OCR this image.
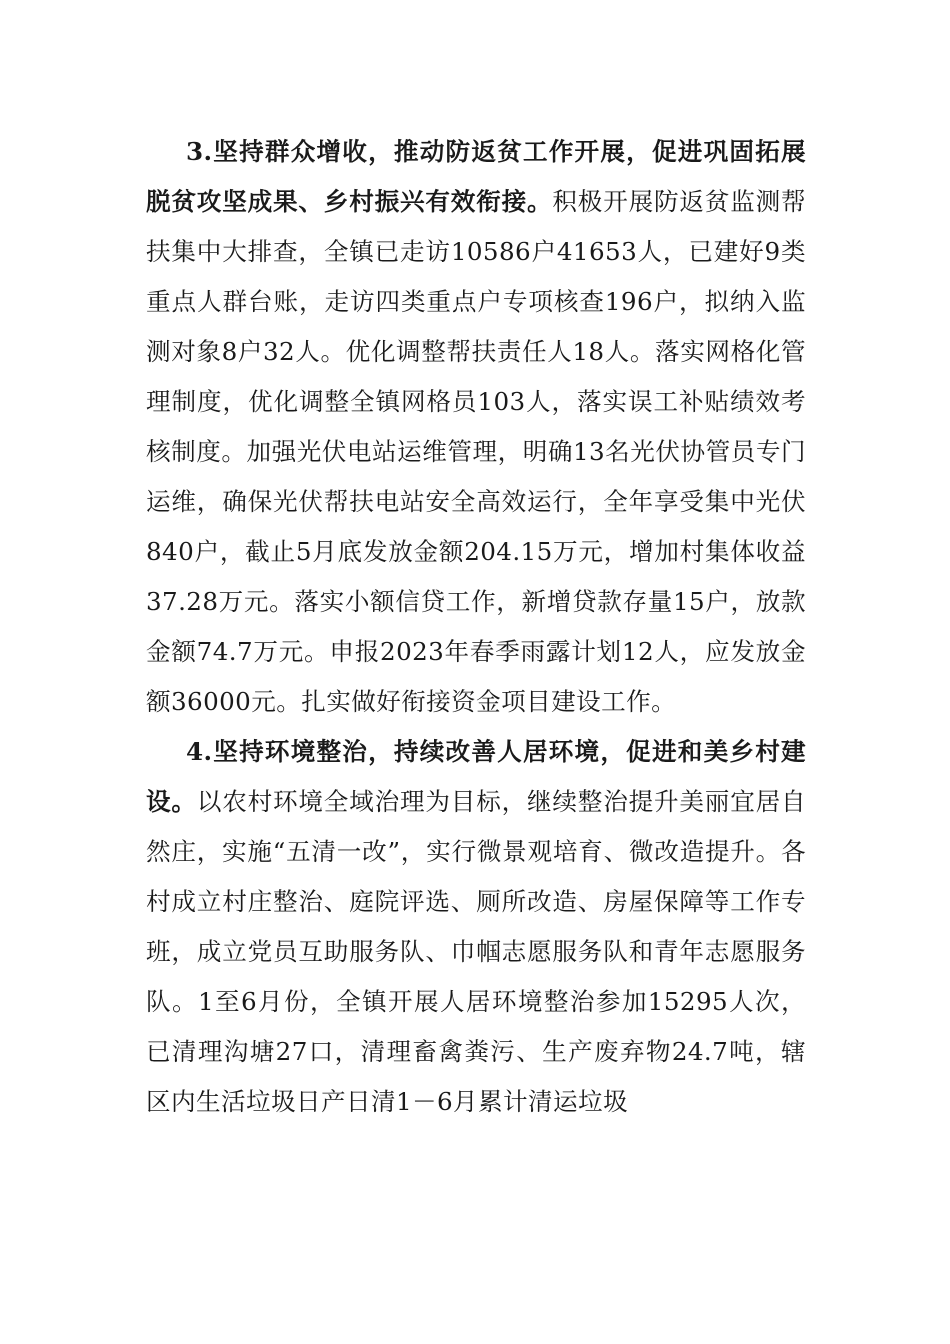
3.坚持群众增收，推动防返贫工作开展，促进巩固拓展脱贫攻坚成果、乡村振兴有效衔接。积极开展防返贫监测帮扶集中大排查，全镇已走访10586户41653人，已建好9类重点人群台账，走访四类重点户专项核查196户，拟纳入监测对象8户32人。优化调整帮扶责任人18人。落实网格化管理制度，优化调整全镇网格员103人，落实误工补贴绩效考核制度。加强光伏电站运维管理，明确13名光伏协管员专门运维，确保光伏帮扶电站安全高效运行，全年享受集中光伏840户，截止5月底发放金额204.15万元，增加村集体收益37.28万元。落实小额信贷工作，新增贷款存量15户，放款金额74.7万元。申报2023年春季雨露计划12人，应发放金额36000元。扎实做好衔接资金项目建设工作。

4.坚持环境整治，持续改善人居环境，促进和美乡村建设。以农村环境全域治理为目标，继续整治提升美丽宜居自然庄，实施“五清一改”，实行微景观培育、微改造提升。各村成立村庄整治、庭院评选、厕所改造、房屋保障等工作专班，成立党员互助服务队、巾帼志愿服务队和青年志愿服务队。1至6月份，全镇开展人居环境整治参加15295人次，已清理沟塘27口，清理畜禽粪污、生产废弃物24.7吨，辖区内生活垃圾日产日清1－6月累计清运垃圾
